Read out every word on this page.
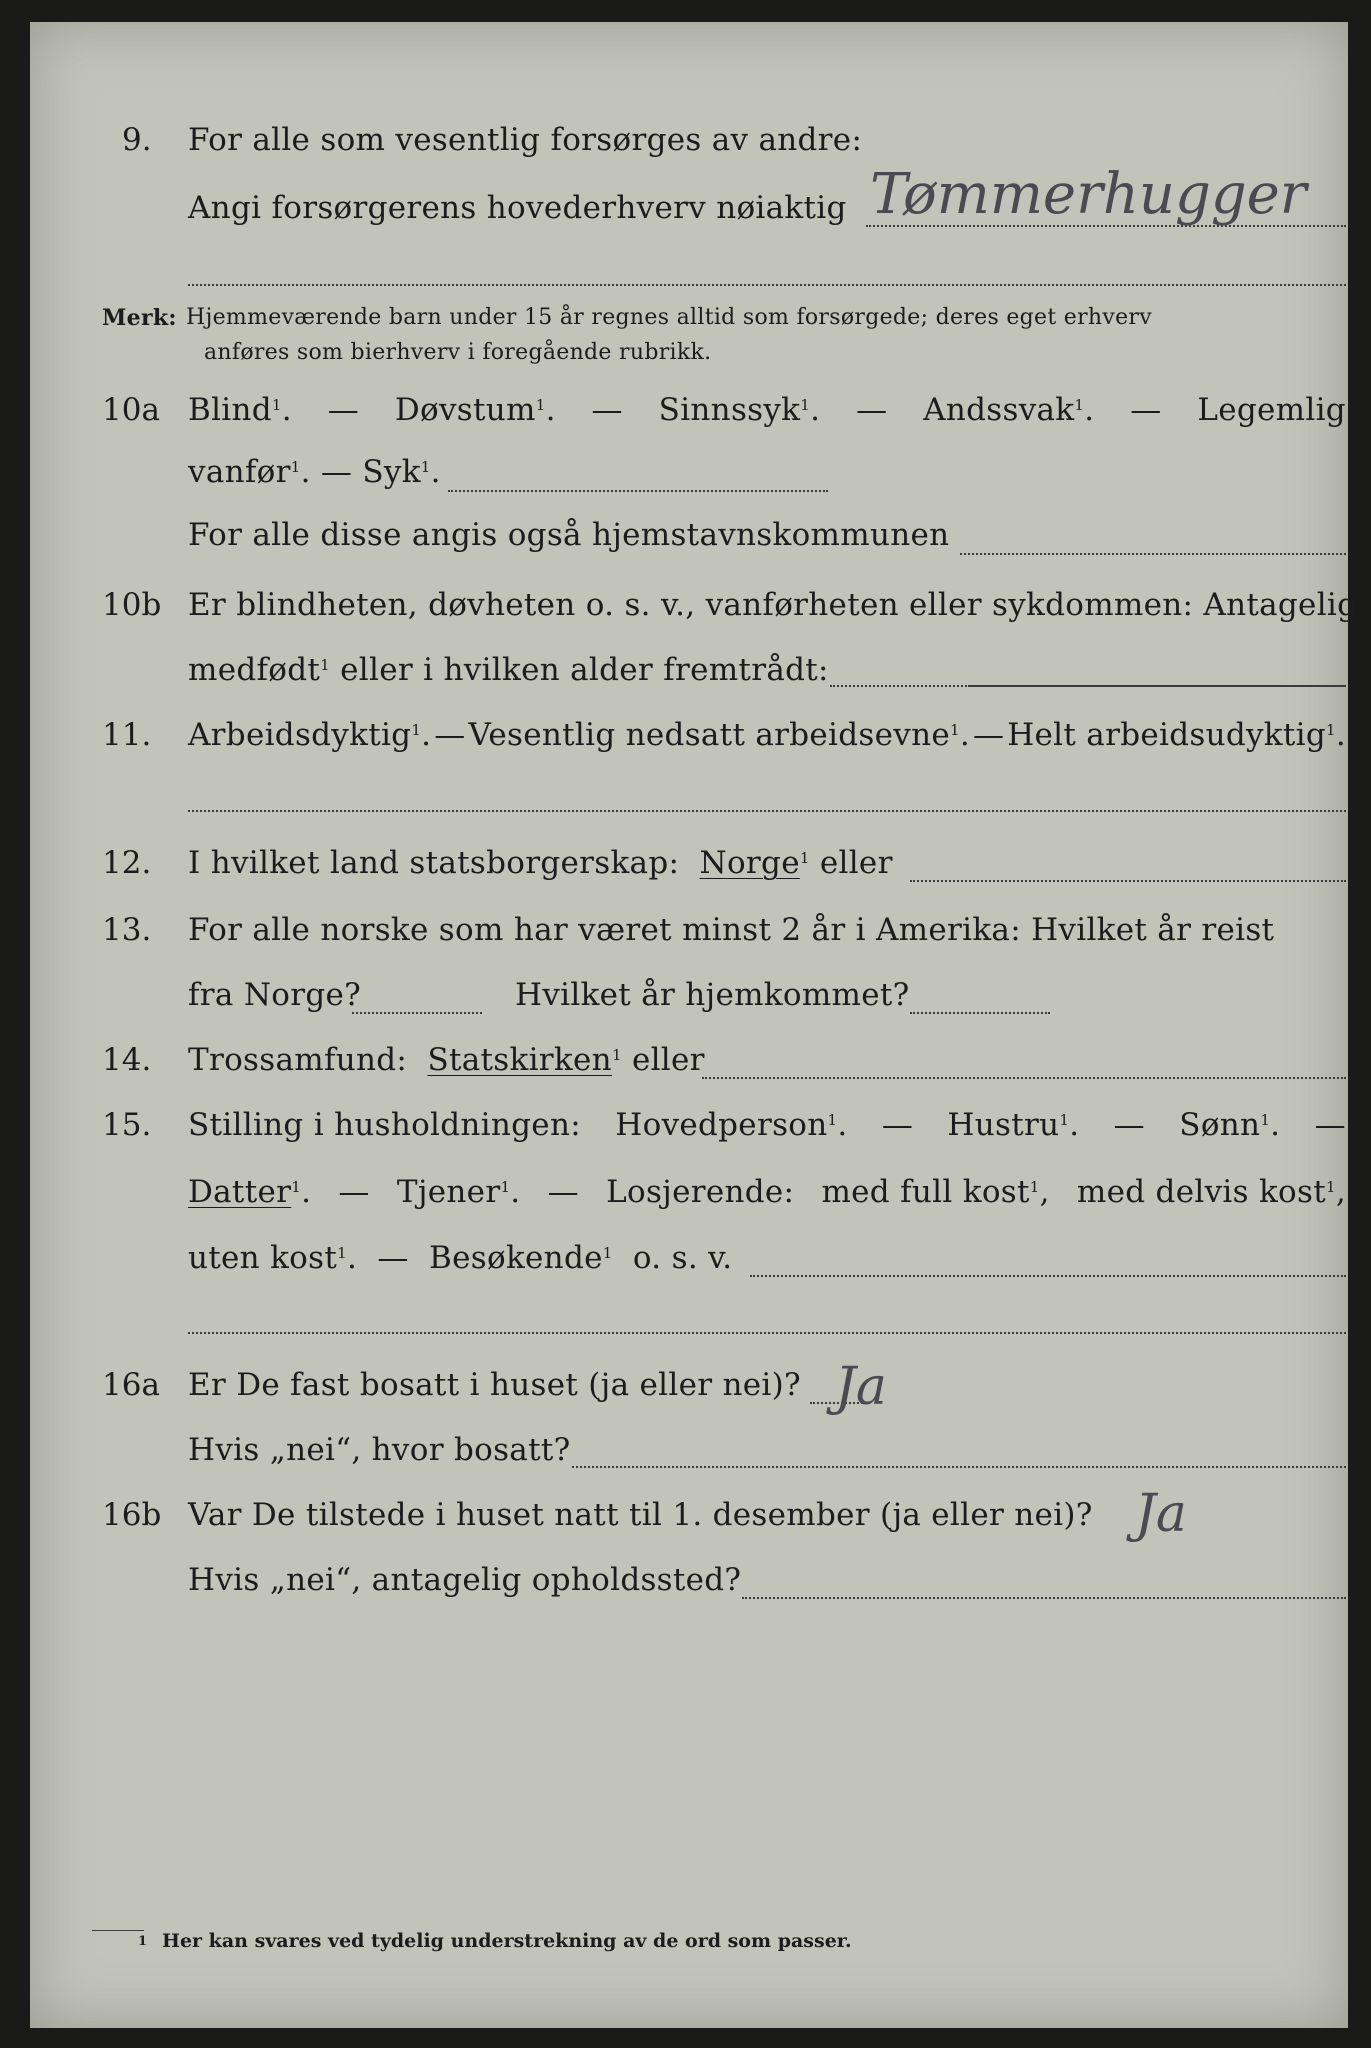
9. For alle som vesentlig forsørges av andre:
Angi forsørgerens hovederhverv nøiaktig Tømmerhugger
Merk: Hjemmeværende barn under 15 år regnes alltid som forsørgede; deres eget erhverv
anføres som bierhverv i foregående rubrikk.
10a Blind$^1$. — Døvstum$^1$. — Sinnssyk$^1$. — Andssvak$^1$. — Legemlig
vanfør$^1$. — Syk$^1$.
For alle disse angis også hjemstavnskommunen
10b Er blindheten, døvheten o. s. v., vanførheten eller sykdommen: Antagelig
medfødt$^1$ eller i hvilken alder fremtrådt:
11. Arbeidsdyktig$^1$. — Vesentlig nedsatt arbeidsevne$^1$. — Helt arbeidsudyktig$^1$.
12. I hvilket land statsborgerskap: Norge$^1$ eller
13. For alle norske som har været minst 2 år i Amerika: Hvilket år reist
fra Norge?	Hvilket år hjemkommet?
14. Trossamfund: Statskirken$^1$ eller
15. Stilling i husholdningen: Hovedperson$^1$. — Hustru$^1$. — Sønn$^1$. —
Datter$^1$. — Tjener$^1$. — Losjerende: med full kost$^1$, med delvis kost$^1$,
uten kost$^1$.  — Besøkende$^1$ o. s. v.
16a Er De fast bosatt i huset (ja eller nei)? Ja
Hvis „nei“, hvor bosatt?
16b Var De tilstede i huset natt til 1. desember (ja eller nei)? Ja
Hvis „nei“, antagelig opholdssted?
1 Her kan svares ved tydelig understrekning av de ord som passer.
